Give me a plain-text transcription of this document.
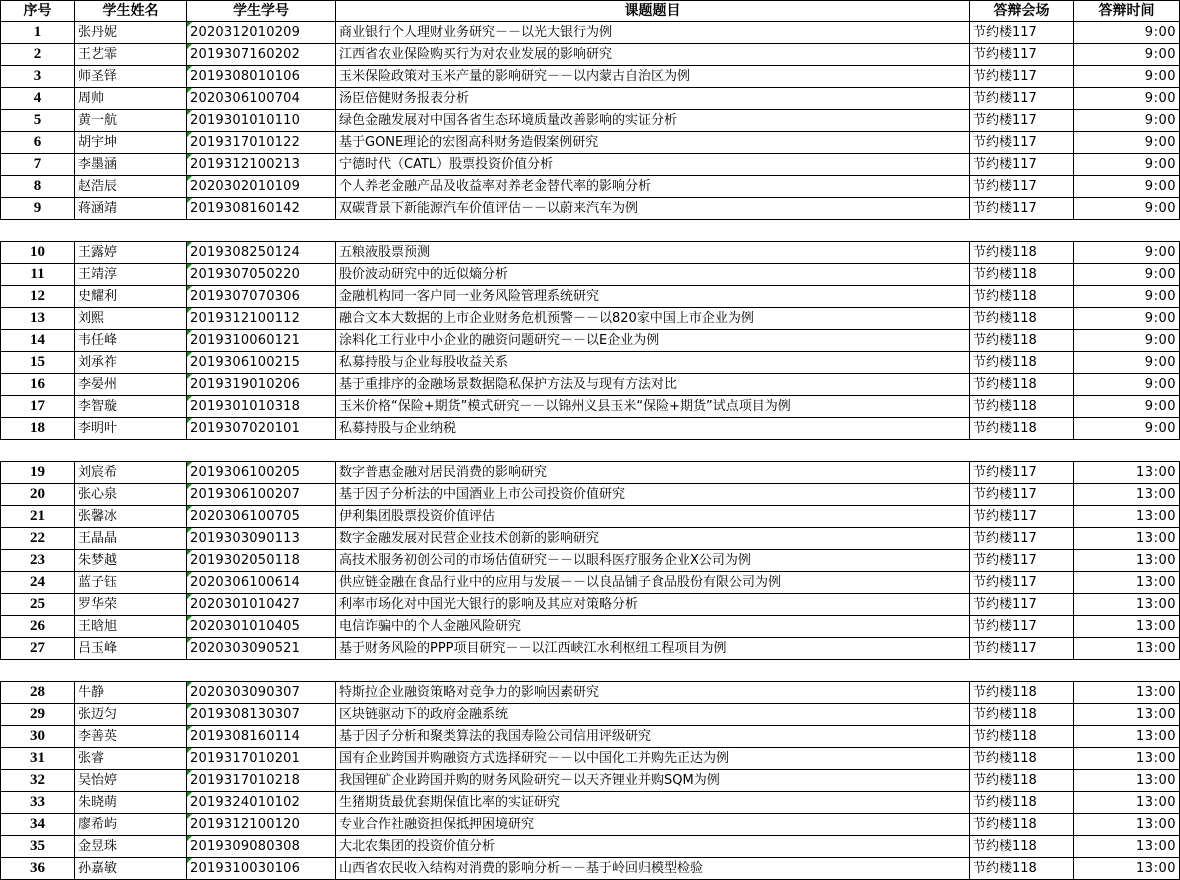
序号	学生姓名	学生学号	课题题目	答辩会场	答辩时间
1	张丹妮	2020312010209	商业银行个人理财业务研究－－以光大银行为例	节约楼117	9:00
2	王艺霏	2019307160202	江西省农业保险购买行为对农业发展的影响研究	节约楼117	9:00
3	师圣铎	2019308010106	玉米保险政策对玉米产量的影响研究－－以内蒙古自治区为例	节约楼117	9:00
4	周帅	2020306100704	汤臣倍健财务报表分析	节约楼117	9:00
5	黄一航	2019301010110	绿色金融发展对中国各省生态环境质量改善影响的实证分析	节约楼117	9:00
6	胡宇坤	2019317010122	基于GONE理论的宏图高科财务造假案例研究	节约楼117	9:00
7	李墨涵	2019312100213	宁德时代（CATL）股票投资价值分析	节约楼117	9:00
8	赵浩辰	2020302010109	个人养老金融产品及收益率对养老金替代率的影响分析	节约楼117	9:00
9	蒋涵靖	2019308160142	双碳背景下新能源汽车价值评估－－以蔚来汽车为例	节约楼117	9:00

10	王露婷	2019308250124	五粮液股票预测	节约楼118	9:00
11	王靖淳	2019307050220	股价波动研究中的近似熵分析	节约楼118	9:00
12	史耀利	2019307070306	金融机构同一客户同一业务风险管理系统研究	节约楼118	9:00
13	刘熙	2019312100112	融合文本大数据的上市企业财务危机预警－－以820家中国上市企业为例	节约楼118	9:00
14	韦任峰	2019310060121	涂料化工行业中小企业的融资问题研究－－以E企业为例	节约楼118	9:00
15	刘承祚	2019306100215	私募持股与企业每股收益关系	节约楼118	9:00
16	李晏州	2019319010206	基于重排序的金融场景数据隐私保护方法及与现有方法对比	节约楼118	9:00
17	李智璇	2019301010318	玉米价格“保险+期货”模式研究－－以锦州义县玉米“保险+期货”试点项目为例	节约楼118	9:00
18	李明叶	2019307020101	私募持股与企业纳税	节约楼118	9:00

19	刘宸希	2019306100205	数字普惠金融对居民消费的影响研究	节约楼117	13:00
20	张心泉	2019306100207	基于因子分析法的中国酒业上市公司投资价值研究	节约楼117	13:00
21	张馨冰	2020306100705	伊利集团股票投资价值评估	节约楼117	13:00
22	王晶晶	2019303090113	数字金融发展对民营企业技术创新的影响研究	节约楼117	13:00
23	朱梦越	2019302050118	高技术服务初创公司的市场估值研究－－以眼科医疗服务企业X公司为例	节约楼117	13:00
24	蓝子钰	2020306100614	供应链金融在食品行业中的应用与发展－－以良品铺子食品股份有限公司为例	节约楼117	13:00
25	罗华荣	2020301010427	利率市场化对中国光大银行的影响及其应对策略分析	节约楼117	13:00
26	王晗旭	2020301010405	电信诈骗中的个人金融风险研究	节约楼117	13:00
27	吕玉峰	2020303090521	基于财务风险的PPP项目研究－－以江西峡江水利枢纽工程项目为例	节约楼117	13:00

28	牛静	2020303090307	特斯拉企业融资策略对竞争力的影响因素研究	节约楼118	13:00
29	张迈匀	2019308130307	区块链驱动下的政府金融系统	节约楼118	13:00
30	李善英	2019308160114	基于因子分析和聚类算法的我国寿险公司信用评级研究	节约楼118	13:00
31	张睿	2019317010201	国有企业跨国并购融资方式选择研究－－以中国化工并购先正达为例	节约楼118	13:00
32	吴怡婷	2019317010218	我国锂矿企业跨国并购的财务风险研究－以天齐锂业并购SQM为例	节约楼118	13:00
33	朱晓萌	2019324010102	生猪期货最优套期保值比率的实证研究	节约楼118	13:00
34	廖希屿	2019312100120	专业合作社融资担保抵押困境研究	节约楼118	13:00
35	金昱珠	2019309080308	大北农集团的投资价值分析	节约楼118	13:00
36	孙嘉敏	2019310030106	山西省农民收入结构对消费的影响分析－－基于岭回归模型检验	节约楼118	13:00
